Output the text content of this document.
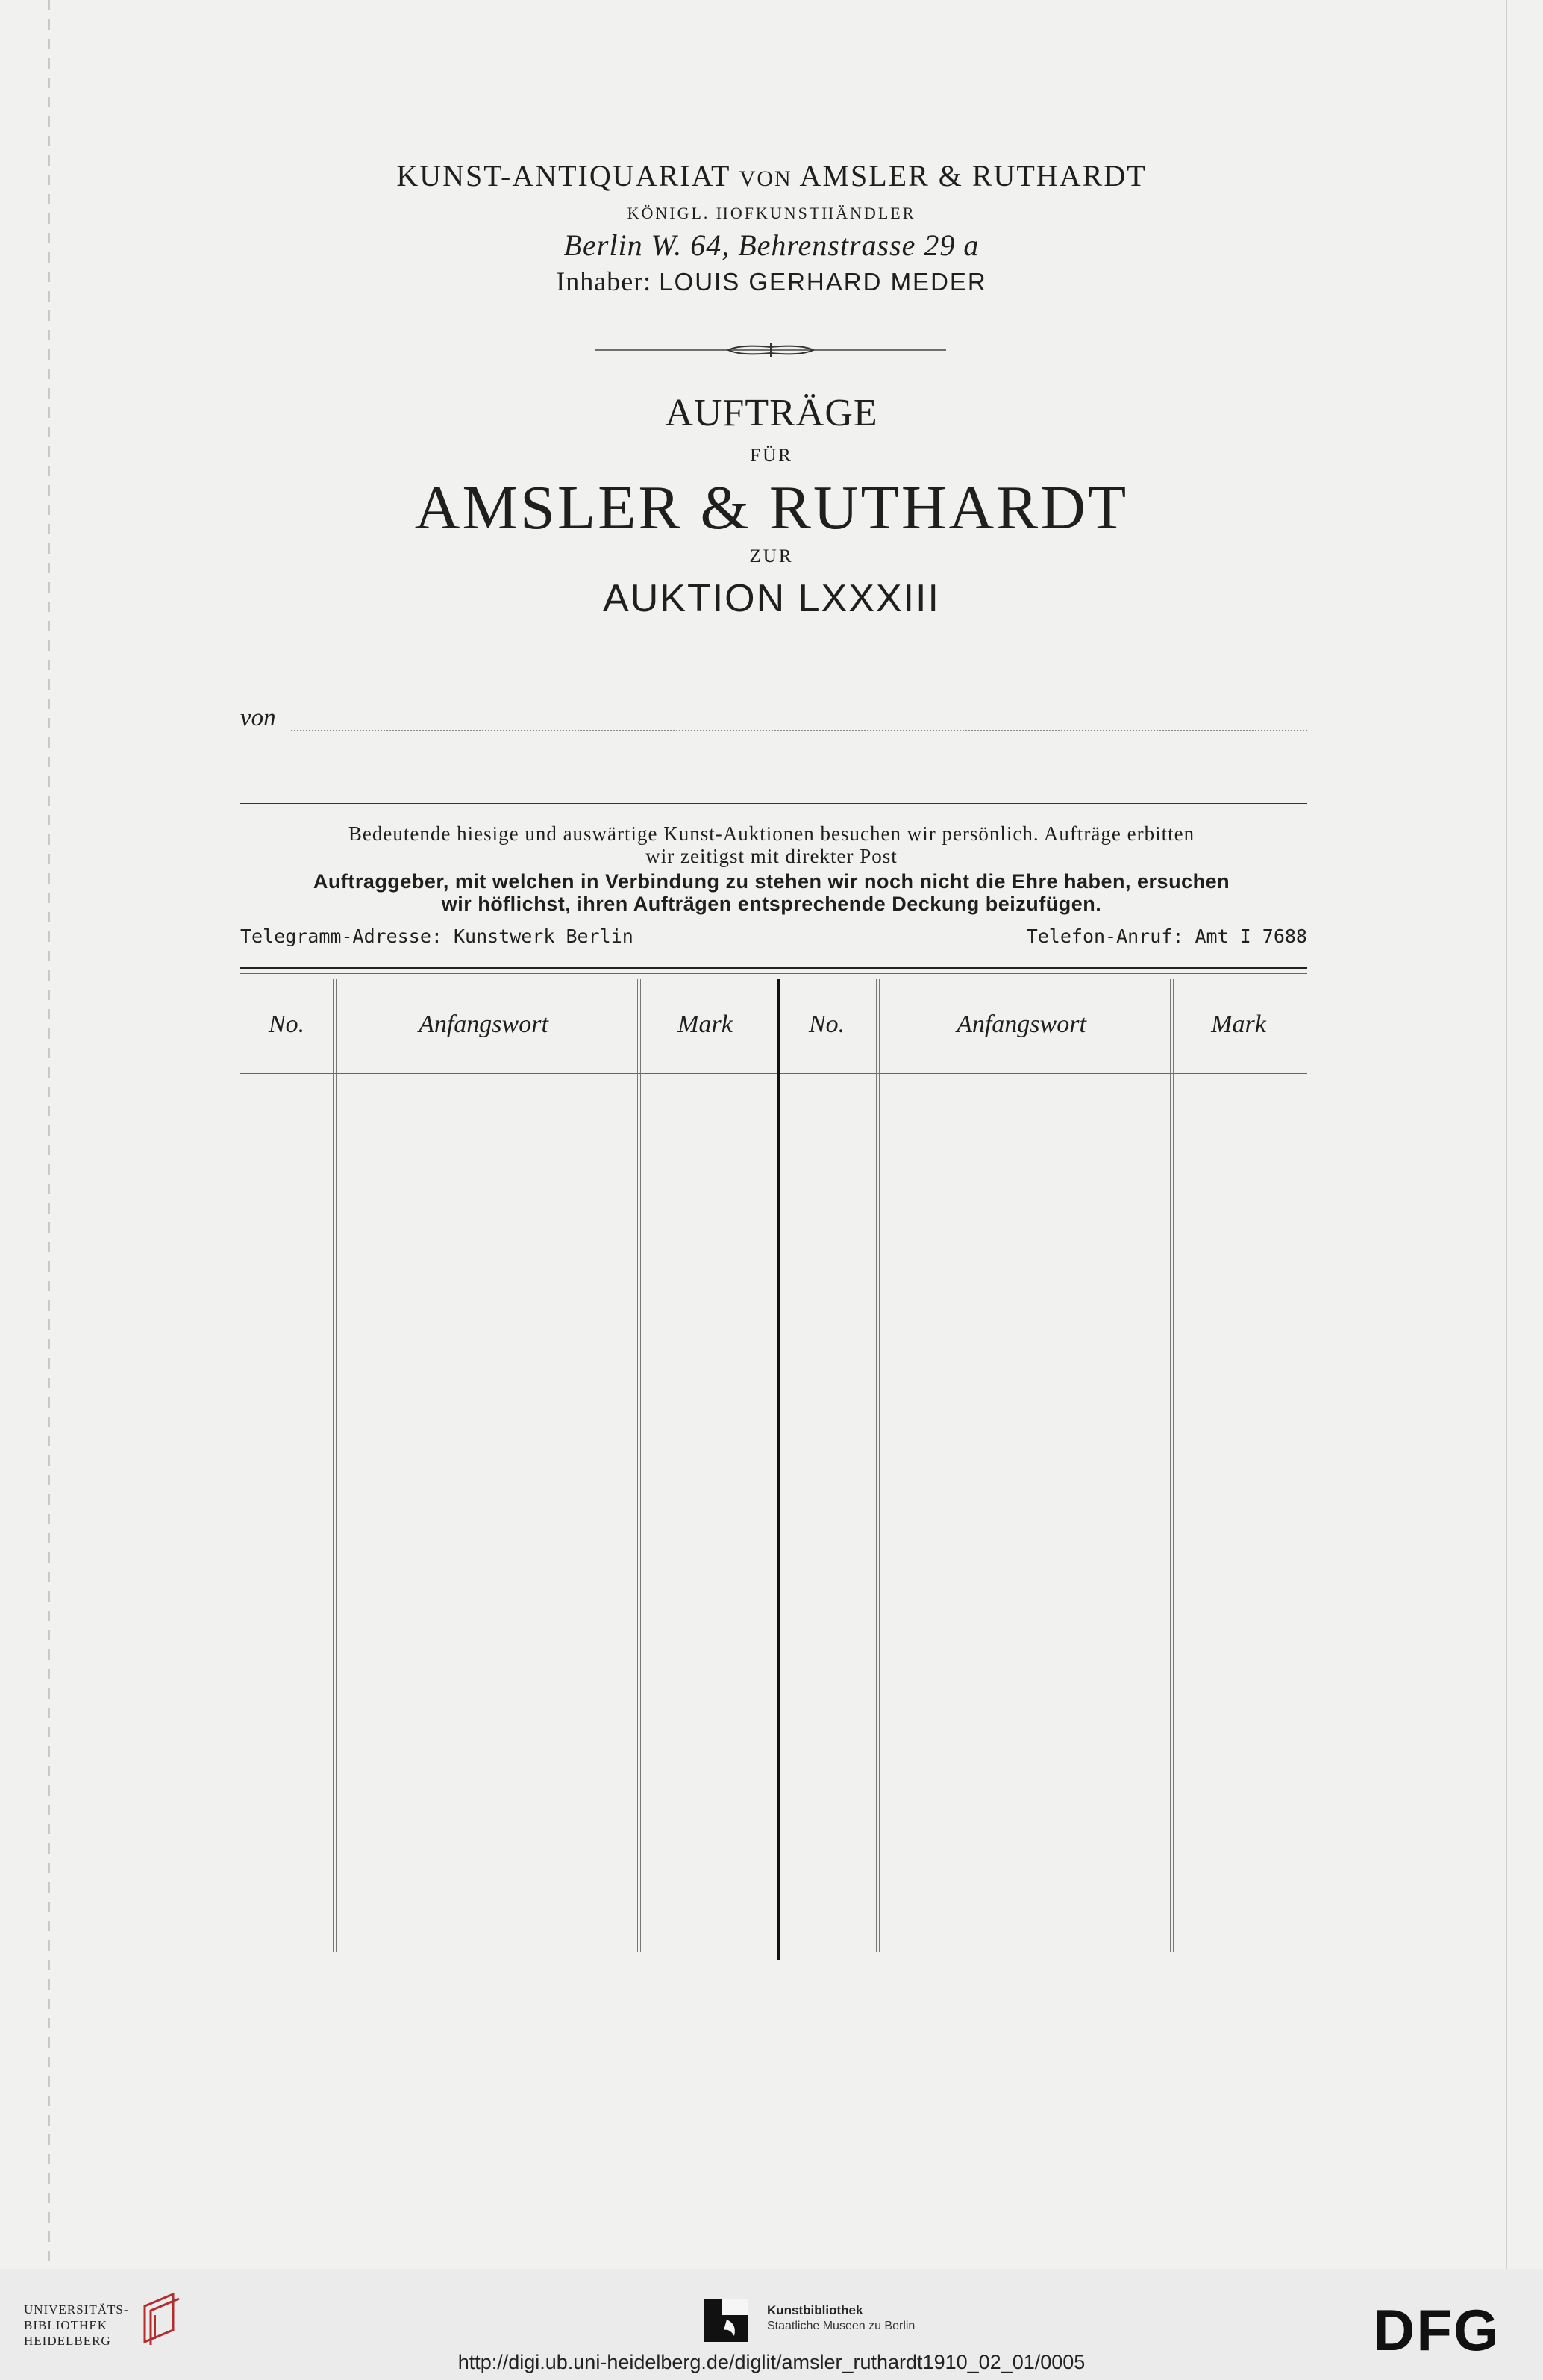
KUNST-ANTIQUARIAT VON AMSLER & RUTHARDT
KÖNIGL. HOFKUNSTHÄNDLER
Berlin W. 64, Behrenstrasse 29 a
Inhaber: LOUIS GERHARD MEDER
AUFTRÄGE
FÜR
AMSLER & RUTHARDT
ZUR
AUKTION LXXXIII
von
Bedeutende hiesige und auswärtige Kunst-Auktionen besuchen wir persönlich. Aufträge erbitten
wir zeitigst mit direkter Post
Auftraggeber, mit welchen in Verbindung zu stehen wir noch nicht die Ehre haben, ersuchen
wir höflichst, ihren Aufträgen entsprechende Deckung beizufügen.
Telegramm-Adresse: Kunstwerk Berlin	Telefon-Anruf: Amt I 7688
No.	Anfangswort	Mark	No.	Anfangswort	Mark
UNIVERSITÄTS-
BIBLIOTHEK
HEIDELBERG
Kunstbibliothek
Staatliche Museen zu Berlin	DFG
http://digi.ub.uni-heidelberg.de/diglit/amsler_ruthardt1910_02_01/0005
